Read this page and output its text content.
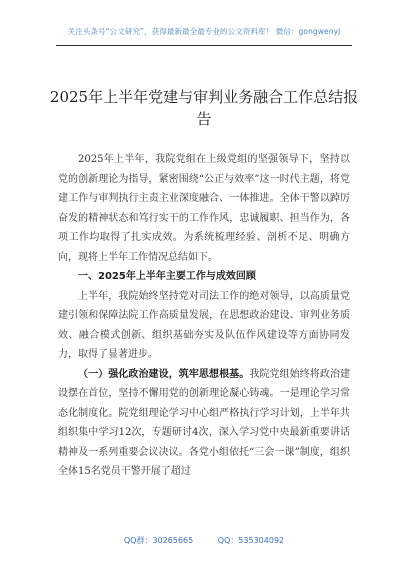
关注头条号“公文研究”，获得最新最全最专业的公文资料库！ 微信：gongwenyj
2025年上半年党建与审判业务融合工作总结报告

2025年上半年，我院党组在上级党组的坚强领导下，坚持以党的创新理论为指导，紧密围绕“公正与效率”这一时代主题，将党建工作与审判执行主责主业深度融合、一体推进。全体干警以踔厉奋发的精神状态和笃行实干的工作作风，忠诚履职、担当作为，各项工作均取得了扎实成效。为系统梳理经验、剖析不足、明确方向，现将上半年工作情况总结如下。

一、2025年上半年主要工作与成效回顾

上半年，我院始终坚持党对司法工作的绝对领导，以高质量党建引领和保障法院工作高质量发展，在思想政治建设、审判业务质效、融合模式创新、组织基础夯实及队伍作风建设等方面协同发力，取得了显著进步。

（一）强化政治建设，筑牢思想根基。我院党组始终将政治建设摆在首位，坚持不懈用党的创新理论凝心铸魂。一是理论学习常态化制度化。院党组理论学习中心组严格执行学习计划，上半年共组织集中学习12次，专题研讨4次，深入学习党中央最新重要讲话精神及一系列重要会议决议。各党小组依托“三会一课”制度，组织全体15名党员干警开展了超过

QQ群：30265665	QQ：535304092
